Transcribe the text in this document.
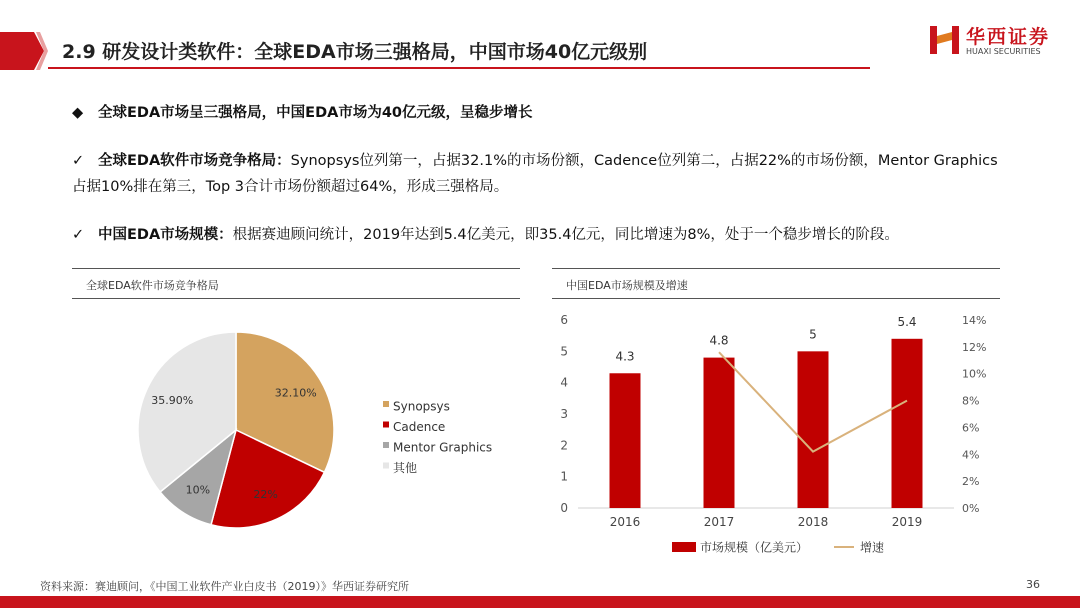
2.9 研发设计类软件：全球EDA市场三强格局，中国市场40亿元级别
华西证券
HUAXI SECURITIES
◆ 全球EDA市场呈三强格局，中国EDA市场为40亿元级，呈稳步增长
✓ 全球EDA软件市场竞争格局：Synopsys位列第一，占据32.1%的市场份额，Cadence位列第二，占据22%的市场份额，Mentor Graphics占据10%排在第三，Top 3合计市场份额超过64%，形成三强格局。
✓ 中国EDA市场规模：根据赛迪顾问统计，2019年达到5.4亿美元，即35.4亿元，同比增速为8%，处于一个稳步增长的阶段。
全球EDA软件市场竞争格局	中国EDA市场规模及增速
32.10%
22%
10%
35.90%	Synopsys
Cadence
Mentor Graphics
其他
0
1
2
3
4
5
6
0%
2%
4%
6%
8%
10%
12%
14%
4.3
2016
4.8
2017
5
2018
5.4
2019
市场规模（亿美元）	增速
资料来源：赛迪顾问，《中国工业软件产业白皮书（2019）》华西证券研究所	36
